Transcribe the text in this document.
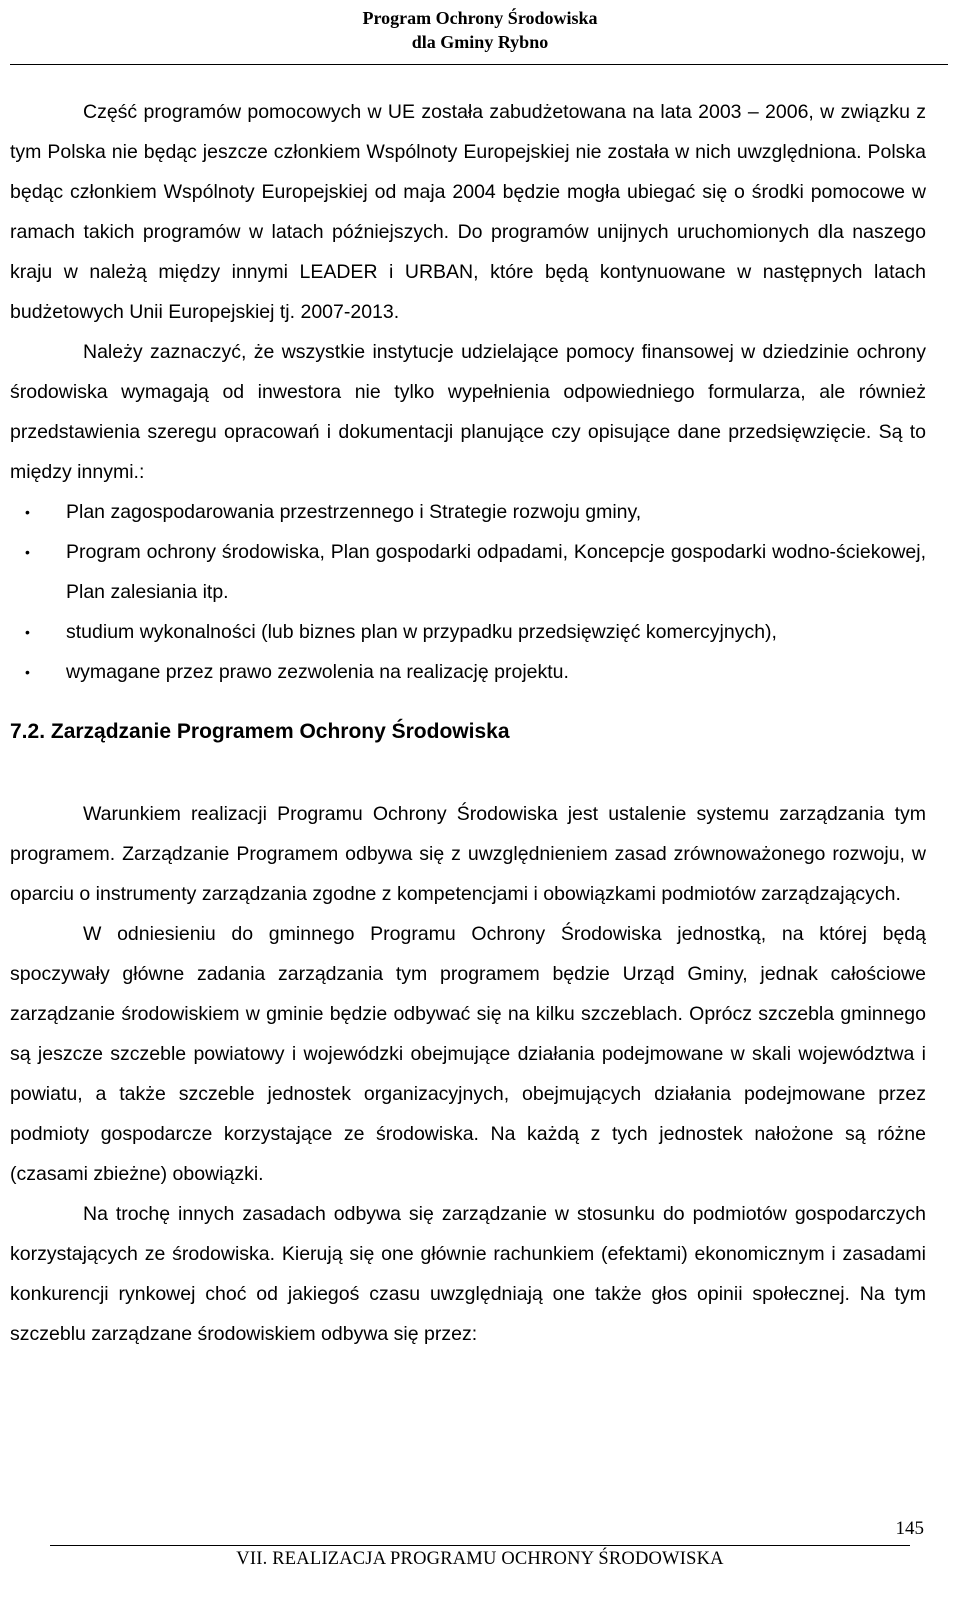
Program Ochrony Środowiska
dla Gminy Rybno

Część programów pomocowych w UE została zabudżetowana na lata 2003 – 2006, w związku z tym Polska nie będąc jeszcze członkiem Wspólnoty Europejskiej nie została w nich uwzględniona. Polska będąc członkiem Wspólnoty Europejskiej od maja 2004 będzie mogła ubiegać się o środki pomocowe w ramach takich programów w latach późniejszych. Do programów unijnych uruchomionych dla naszego kraju w należą między innymi LEADER i URBAN, które będą kontynuowane w następnych latach budżetowych Unii Europejskiej tj. 2007-2013.

Należy zaznaczyć, że wszystkie instytucje udzielające pomocy finansowej w dziedzinie ochrony środowiska wymagają od inwestora nie tylko wypełnienia odpowiedniego formularza, ale również przedstawienia szeregu opracowań i dokumentacji planujące czy opisujące dane przedsięwzięcie. Są to między innymi.:

• Plan zagospodarowania przestrzennego i Strategie rozwoju gminy,
• Program ochrony środowiska, Plan gospodarki odpadami, Koncepcje gospodarki wodno-ściekowej, Plan zalesiania itp.
• studium wykonalności (lub biznes plan w przypadku przedsięwzięć komercyjnych),
• wymagane przez prawo zezwolenia na realizację projektu.
7.2. Zarządzanie Programem Ochrony Środowiska

Warunkiem realizacji Programu Ochrony Środowiska jest ustalenie systemu zarządzania tym programem. Zarządzanie Programem odbywa się z uwzględnieniem zasad zrównoważonego rozwoju, w oparciu o instrumenty zarządzania zgodne z kompetencjami i obowiązkami podmiotów zarządzających.

W odniesieniu do gminnego Programu Ochrony Środowiska jednostką, na której będą spoczywały główne zadania zarządzania tym programem będzie Urząd Gminy, jednak całościowe zarządzanie środowiskiem w gminie będzie odbywać się na kilku szczeblach. Oprócz szczebla gminnego są jeszcze szczeble powiatowy i wojewódzki obejmujące działania podejmowane w skali województwa i powiatu, a także szczeble jednostek organizacyjnych, obejmujących działania podejmowane przez podmioty gospodarcze korzystające ze środowiska. Na każdą z tych jednostek nałożone są różne (czasami zbieżne) obowiązki.

Na trochę innych zasadach odbywa się zarządzanie w stosunku do podmiotów gospodarczych korzystających ze środowiska. Kierują się one głównie rachunkiem (efektami) ekonomicznym i zasadami konkurencji rynkowej choć od jakiegoś czasu uwzględniają one także głos opinii społecznej. Na tym szczeblu zarządzane środowiskiem odbywa się przez:

145
VII. REALIZACJA PROGRAMU OCHRONY ŚRODOWISKA
